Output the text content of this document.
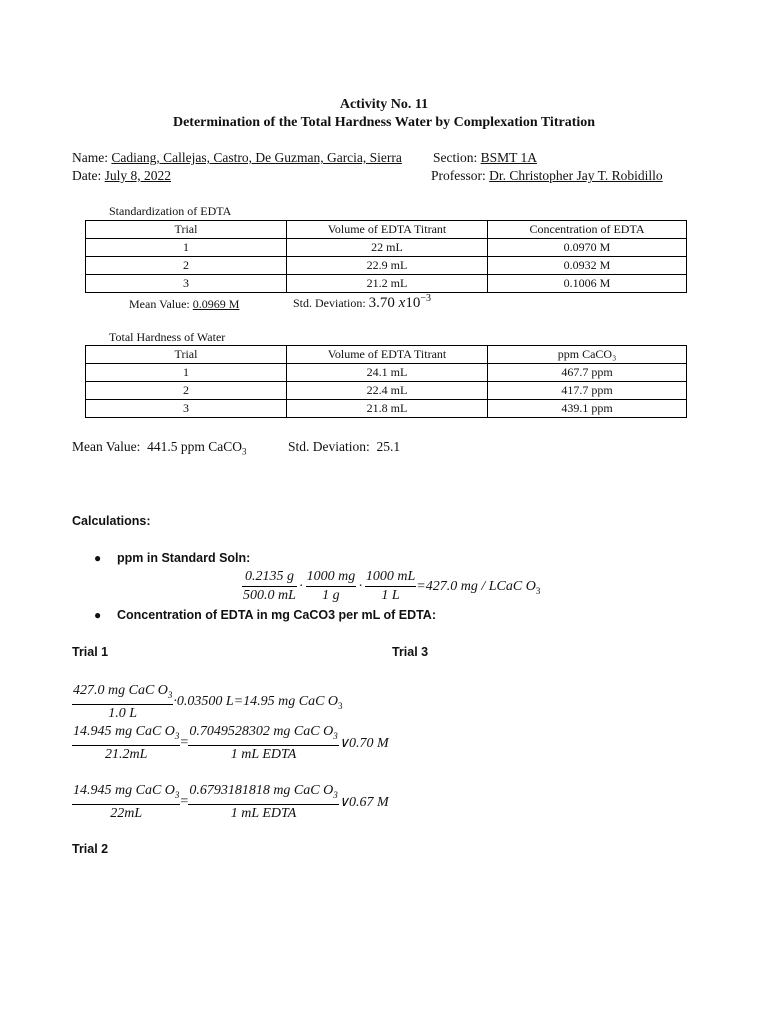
Activity No. 11
Determination of the Total Hardness Water by Complexation Titration
Name: Cadiang, Callejas, Castro, De Guzman, Garcia, Sierra Section: BSMT 1A
Date: July 8, 2022	Professor: Dr. Christopher Jay T. Robidillo
Standardization of EDTA
Trial	Volume of EDTA Titrant	Concentration of EDTA
1	22 mL	0.0970 M
2	22.9 mL	0.0932 M
3	21.2 mL	0.1006 M
Mean Value: 0.0969 M	Std. Deviation: 3.70 $x10^{-3}$
Total Hardness of Water
Trial	Volume of EDTA Titrant	ppm CaCO₃
1	24.1 mL	467.7 ppm
2	22.4 mL	417.7 ppm
3	21.8 mL	439.1 ppm
Mean Value: 441.5 ppm CaCO$_3$	Std. Deviation: 25.1
Calculations:
● ppm in Standard Soln:
$\frac{0.2135 g}{500.0 mL} \cdot \frac{1000 mg}{1 g} \cdot \frac{1000 mL}{1 L} =427.0$ mg / LCaC $O_3$
● Concentration of EDTA in mg CaCO3 per mL of EDTA:
Trial 1	Trial 3
$\frac{427.0 mg CaC O_3}{1.0 L} \cdot 0.03500$ L=14.95 mg CaC $O_3$
$\frac{14.945 mg CaC O_3}{21.2mL} = \frac{0.7049528302 mg CaC O_3}{\text{1 mL EDTA}}$ ∨0.70 M
$\frac{14.945 mg CaC O_3}{22mL} = \frac{0.6793181818 mg CaC O_3}{\text{1 mL EDTA}}$ ∨0.67 M
Trial 2
